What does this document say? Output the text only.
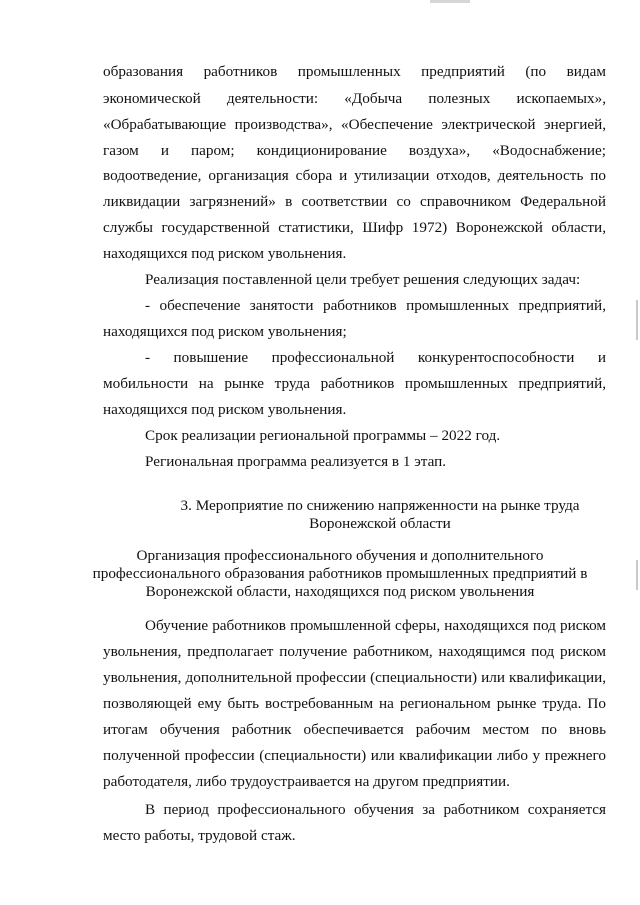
образования работников промышленных предприятий (по видам
экономической деятельности: «Добыча полезных ископаемых»,
«Обрабатывающие производства», «Обеспечение электрической энергией,
газом и паром; кондиционирование воздуха», «Водоснабжение;
водоотведение, организация сбора и утилизации отходов, деятельность по
ликвидации загрязнений» в соответствии со справочником Федеральной
службы государственной статистики, Шифр 1972) Воронежской области,
находящихся под риском увольнения.
Реализация поставленной цели требует решения следующих задач:
- обеспечение занятости работников промышленных предприятий,
находящихся под риском увольнения;
- повышение профессиональной конкурентоспособности и
мобильности на рынке труда работников промышленных предприятий,
находящихся под риском увольнения.
Срок реализации региональной программы – 2022 год.
Региональная программа реализуется в 1 этап.
3. Мероприятие по снижению напряженности на рынке труда
Воронежской области
Организация профессионального обучения и дополнительного
профессионального образования работников промышленных предприятий в
Воронежской области, находящихся под риском увольнения
Обучение работников промышленной сферы, находящихся под риском
увольнения, предполагает получение работником, находящимся под риском
увольнения, дополнительной профессии (специальности) или квалификации,
позволяющей ему быть востребованным на региональном рынке труда. По
итогам обучения работник обеспечивается рабочим местом по вновь
полученной профессии (специальности) или квалификации либо у прежнего
работодателя, либо трудоустраивается на другом предприятии.
В период профессионального обучения за работником сохраняется
место работы, трудовой стаж.
